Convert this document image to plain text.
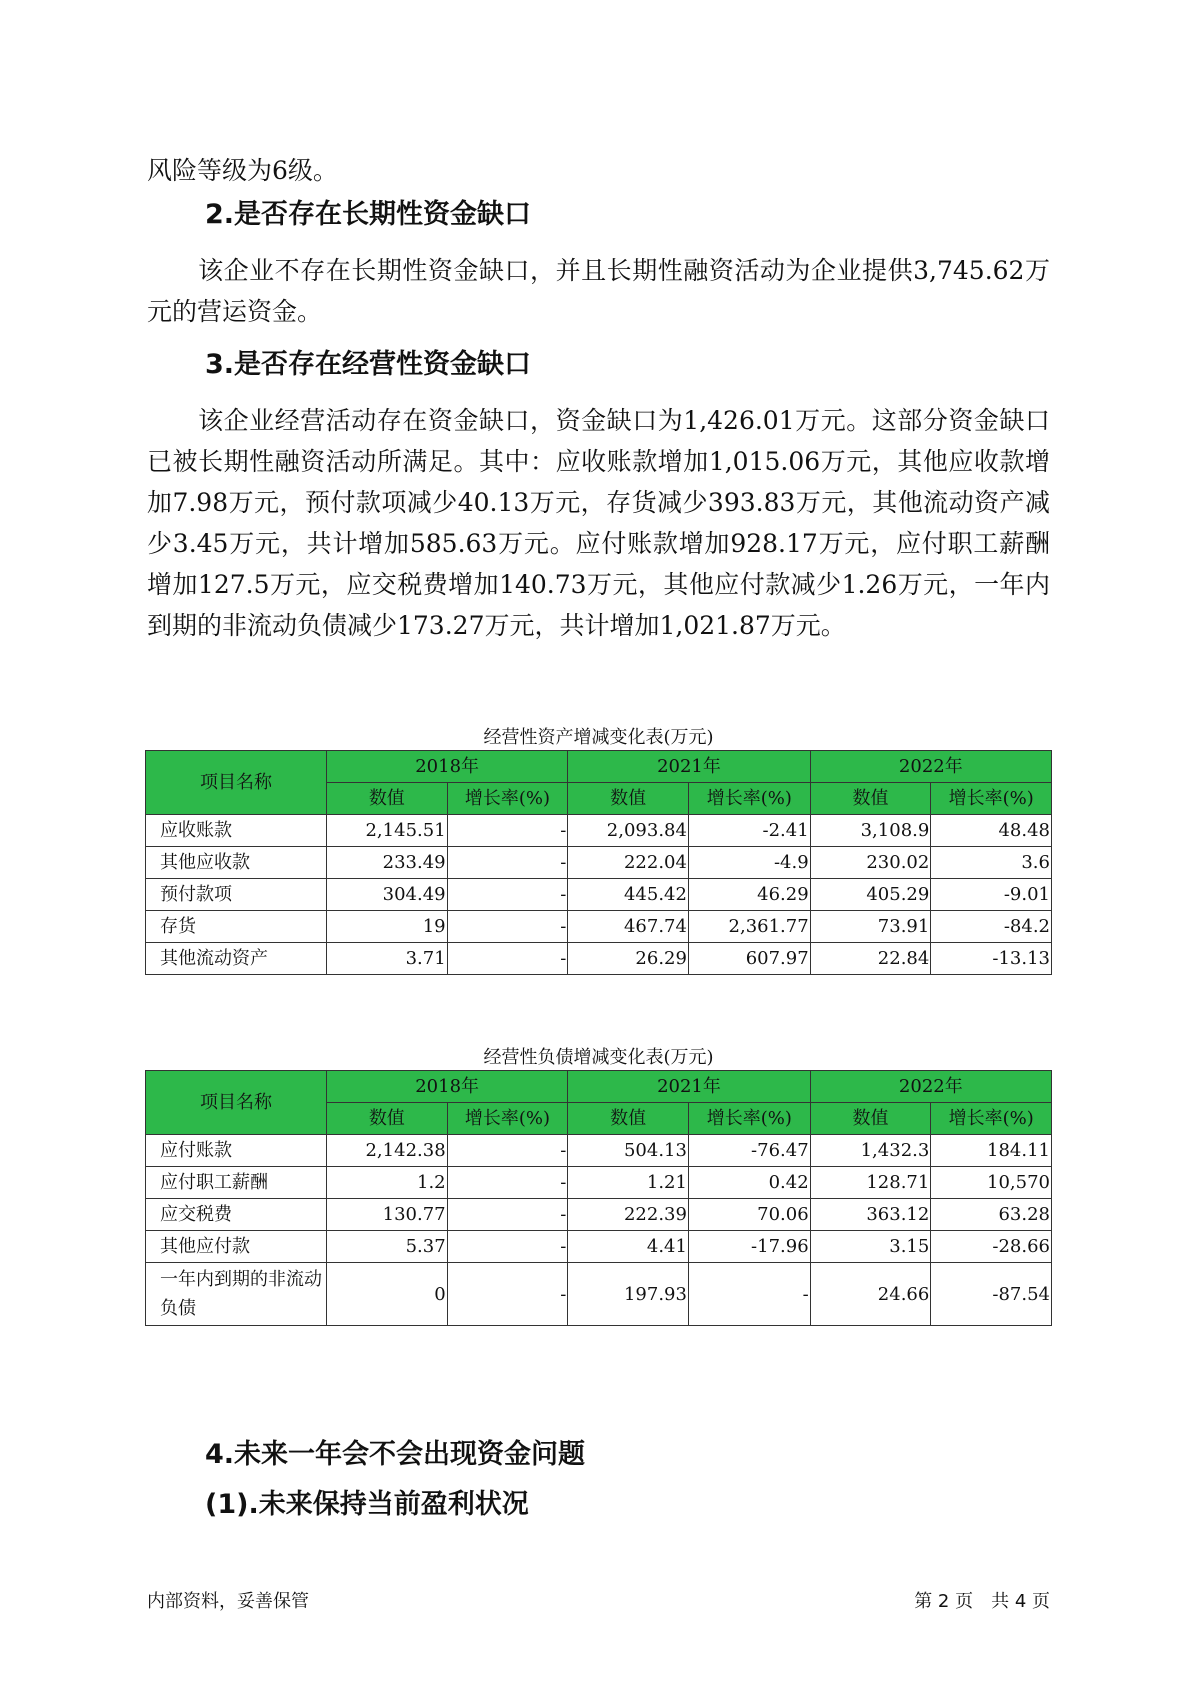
风险等级为6级。

2.是否存在长期性资金缺口

　　该企业不存在长期性资金缺口，并且长期性融资活动为企业提供3,745.62万元的营运资金。

3.是否存在经营性资金缺口

　　该企业经营活动存在资金缺口，资金缺口为1,426.01万元。这部分资金缺口已被长期性融资活动所满足。其中：应收账款增加1,015.06万元，其他应收款增加7.98万元，预付款项减少40.13万元，存货减少393.83万元，其他流动资产减少3.45万元，共计增加585.63万元。应付账款增加928.17万元，应付职工薪酬增加127.5万元，应交税费增加140.73万元，其他应付款减少1.26万元，一年内到期的非流动负债减少173.27万元，共计增加1,021.87万元。

经营性资产增减变化表(万元)
项目名称	2018年		2021年		2022年	
	数值	增长率(%)	数值	增长率(%)	数值	增长率(%)
应收账款	2,145.51	-	2,093.84	-2.41	3,108.9	48.48
其他应收款	233.49	-	222.04	-4.9	230.02	3.6
预付款项	304.49	-	445.42	46.29	405.29	-9.01
存货	19	-	467.74	2,361.77	73.91	-84.2
其他流动资产	3.71	-	26.29	607.97	22.84	-13.13
经营性负债增减变化表(万元)
项目名称	2018年		2021年		2022年	
	数值	增长率(%)	数值	增长率(%)	数值	增长率(%)
应付账款	2,142.38	-	504.13	-76.47	1,432.3	184.11
应付职工薪酬	1.2	-	1.21	0.42	128.71	10,570
应交税费	130.77	-	222.39	70.06	363.12	63.28
其他应付款	5.37	-	4.41	-17.96	3.15	-28.66
一年内到期的非流动负债	0	-	197.93	-	24.66	-87.54
4.未来一年会不会出现资金问题
(1).未来保持当前盈利状况
内部资料，妥善保管	第 2 页　共 4 页
